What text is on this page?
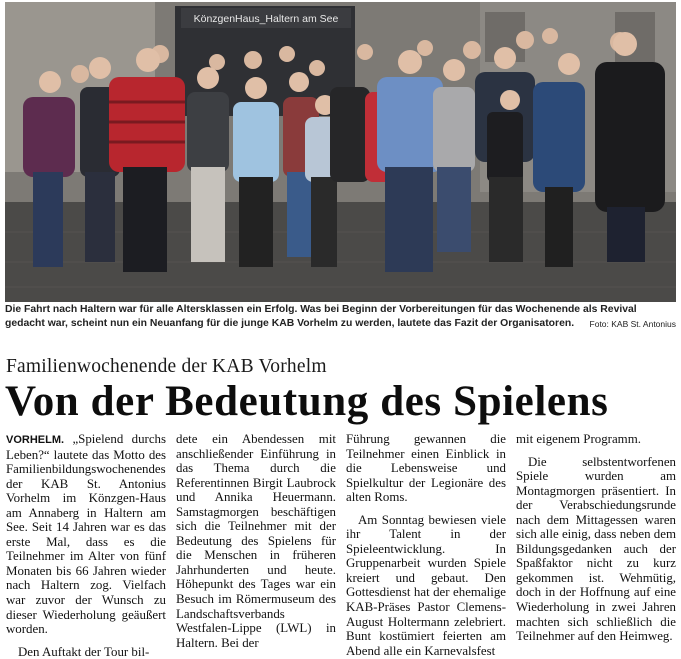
KönzgenHaus_Haltern am See
Die Fahrt nach Haltern war für alle Altersklassen ein Erfolg. Was bei Beginn der Vorbereitungen für das Wochenende als Revival gedacht war, scheint nun ein Neuanfang für die junge KAB Vorhelm zu werden, lautete das Fazit der Organisatoren. Foto: KAB St. Antonius
Familienwochenende der KAB Vorhelm
Von der Bedeutung des Spielens

VORHELM. „Spielend durchs Leben?“ lautete das Motto des Familienbildungswochenendes der KAB St. Antonius Vorhelm im Könzgen-Haus am Annaberg in Haltern am See. Seit 14 Jahren war es das erste Mal, dass es die Teilnehmer im Alter von fünf Monaten bis 66 Jahren wieder nach Haltern zog. Vielfach war zuvor der Wunsch zu dieser Wiederholung geäußert worden.

Den Auftakt der Tour bil-

dete ein Abendessen mit anschließender Einführung in das Thema durch die Referentinnen Birgit Laubrock und Annika Heuermann. Samstagmorgen beschäftigen sich die Teilnehmer mit der Bedeutung des Spielens für die Menschen in früheren Jahrhunderten und heute. Höhepunkt des Tages war ein Besuch im Römermuseum des Landschaftsverbands Westfalen-Lippe (LWL) in Haltern. Bei der

Führung gewannen die Teilnehmer einen Einblick in die Lebensweise und Spielkultur der Legionäre des alten Roms.

Am Sonntag bewiesen viele ihr Talent in der Spieleentwicklung. In Gruppenarbeit wurden Spiele kreiert und gebaut. Den Gottesdienst hat der ehemalige KAB-Präses Pastor Clemens-August Holtermann zelebriert. Bunt kostümiert feierten am Abend alle ein Karnevalsfest

mit eigenem Programm.

Die selbstentworfenen Spiele wurden am Montagmorgen präsentiert. In der Verabschiedungsrunde nach dem Mittagessen waren sich alle einig, dass neben dem Bildungsgedanken auch der Spaßfaktor nicht zu kurz gekommen ist. Wehmütig, doch in der Hoffnung auf eine Wiederholung in zwei Jahren machten sich schließlich die Teilnehmer auf den Heimweg.
